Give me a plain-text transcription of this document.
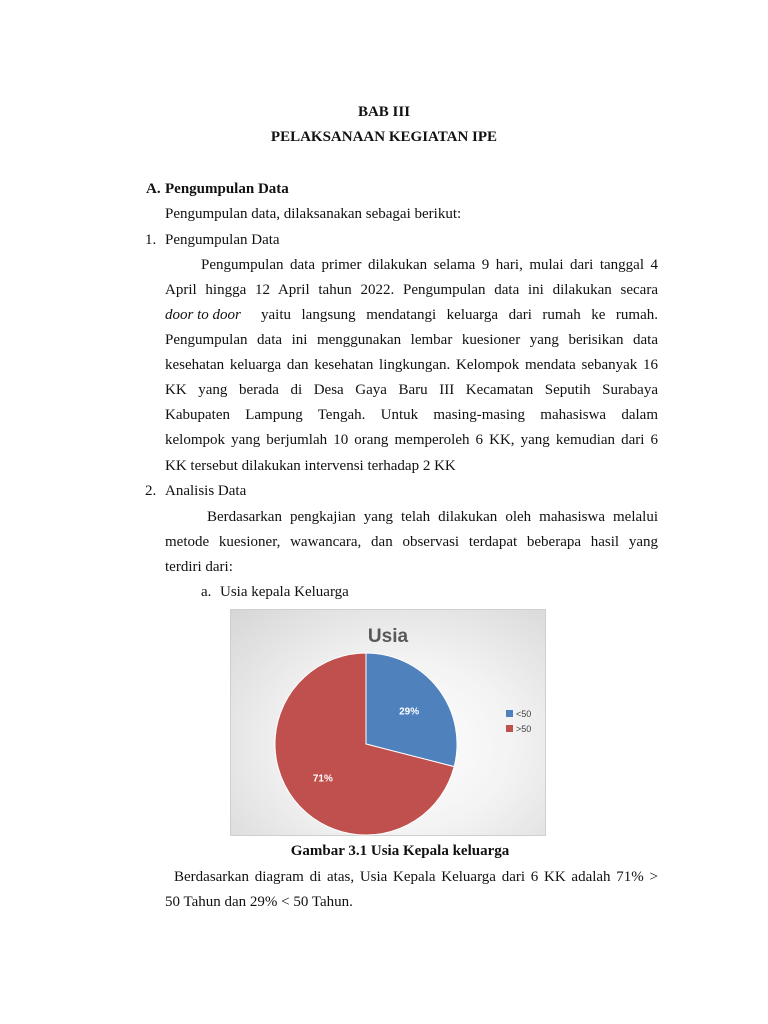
BAB III
PELAKSANAAN KEGIATAN IPE
A. Pengumpulan Data
Pengumpulan data, dilaksanakan sebagai berikut:
1. Pengumpulan Data
Pengumpulan data primer dilakukan selama 9 hari, mulai dari tanggal 4
April hingga 12 April tahun 2022. Pengumpulan data ini dilakukan secara
door to door yaitu langsung mendatangi keluarga dari rumah ke rumah.
Pengumpulan data ini menggunakan lembar kuesioner yang berisikan data
kesehatan keluarga dan kesehatan lingkungan. Kelompok mendata sebanyak 16
KK yang berada di Desa Gaya Baru III Kecamatan Seputih Surabaya
Kabupaten Lampung Tengah. Untuk masing-masing mahasiswa dalam
kelompok yang berjumlah 10 orang memperoleh 6 KK, yang kemudian dari 6
KK tersebut dilakukan intervensi terhadap 2 KK
2. Analisis Data
Berdasarkan pengkajian yang telah dilakukan oleh mahasiswa melalui
metode kuesioner, wawancara, dan observasi terdapat beberapa hasil yang
terdiri dari:
a. Usia kepala Keluarga
Usia
29%
71%
<50
>50
Gambar 3.1 Usia Kepala keluarga
Berdasarkan diagram di atas, Usia Kepala Keluarga dari 6 KK adalah 71% >
50 Tahun dan 29% < 50 Tahun.
